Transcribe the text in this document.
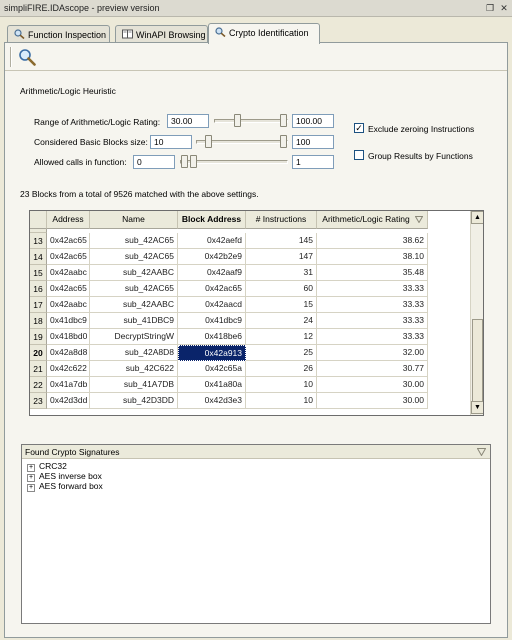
simpliFIRE.IDAscope - preview version	❐ ✕
Function Inspection	WinAPI Browsing	Crypto Identification
Arithmetic/Logic Heuristic
Range of Arithmetic/Logic Rating:	30.00	100.00
Considered Basic Blocks size: 10	100
Allowed calls in function:	0	1
✓ Exclude zeroing Instructions
Group Results by Functions
23 Blocks from a total of 9526 matched with the above settings.
Address	Name	Block Address	# Instructions	Arithmetic/Logic Rating
13 0x42ac65	sub_42AC65	0x42aefd	145	38.62
14 0x42ac65	sub_42AC65	0x42b2e9	147	38.10
15 0x42aabc	sub_42AABC	0x42aaf9	31	35.48
16 0x42ac65	sub_42AC65	0x42ac65	60	33.33
17 0x42aabc	sub_42AABC	0x42aacd	15	33.33
18 0x41dbc9	sub_41DBC9	0x41dbc9	24	33.33
19 0x418bd0	DecryptStringW	0x418be6	12	33.33
20 0x42a8d8	sub_42A8D8	0x42a913	25	32.00
21 0x42c622	sub_42C622	0x42c65a	26	30.77
22 0x41a7db	sub_41A7DB	0x41a80a	10	30.00
23 0x42d3dd	sub_42D3DD	0x42d3e3	10	30.00
▲
▼
Found Crypto Signatures
+ CRC32
+ AES inverse box
+ AES forward box
